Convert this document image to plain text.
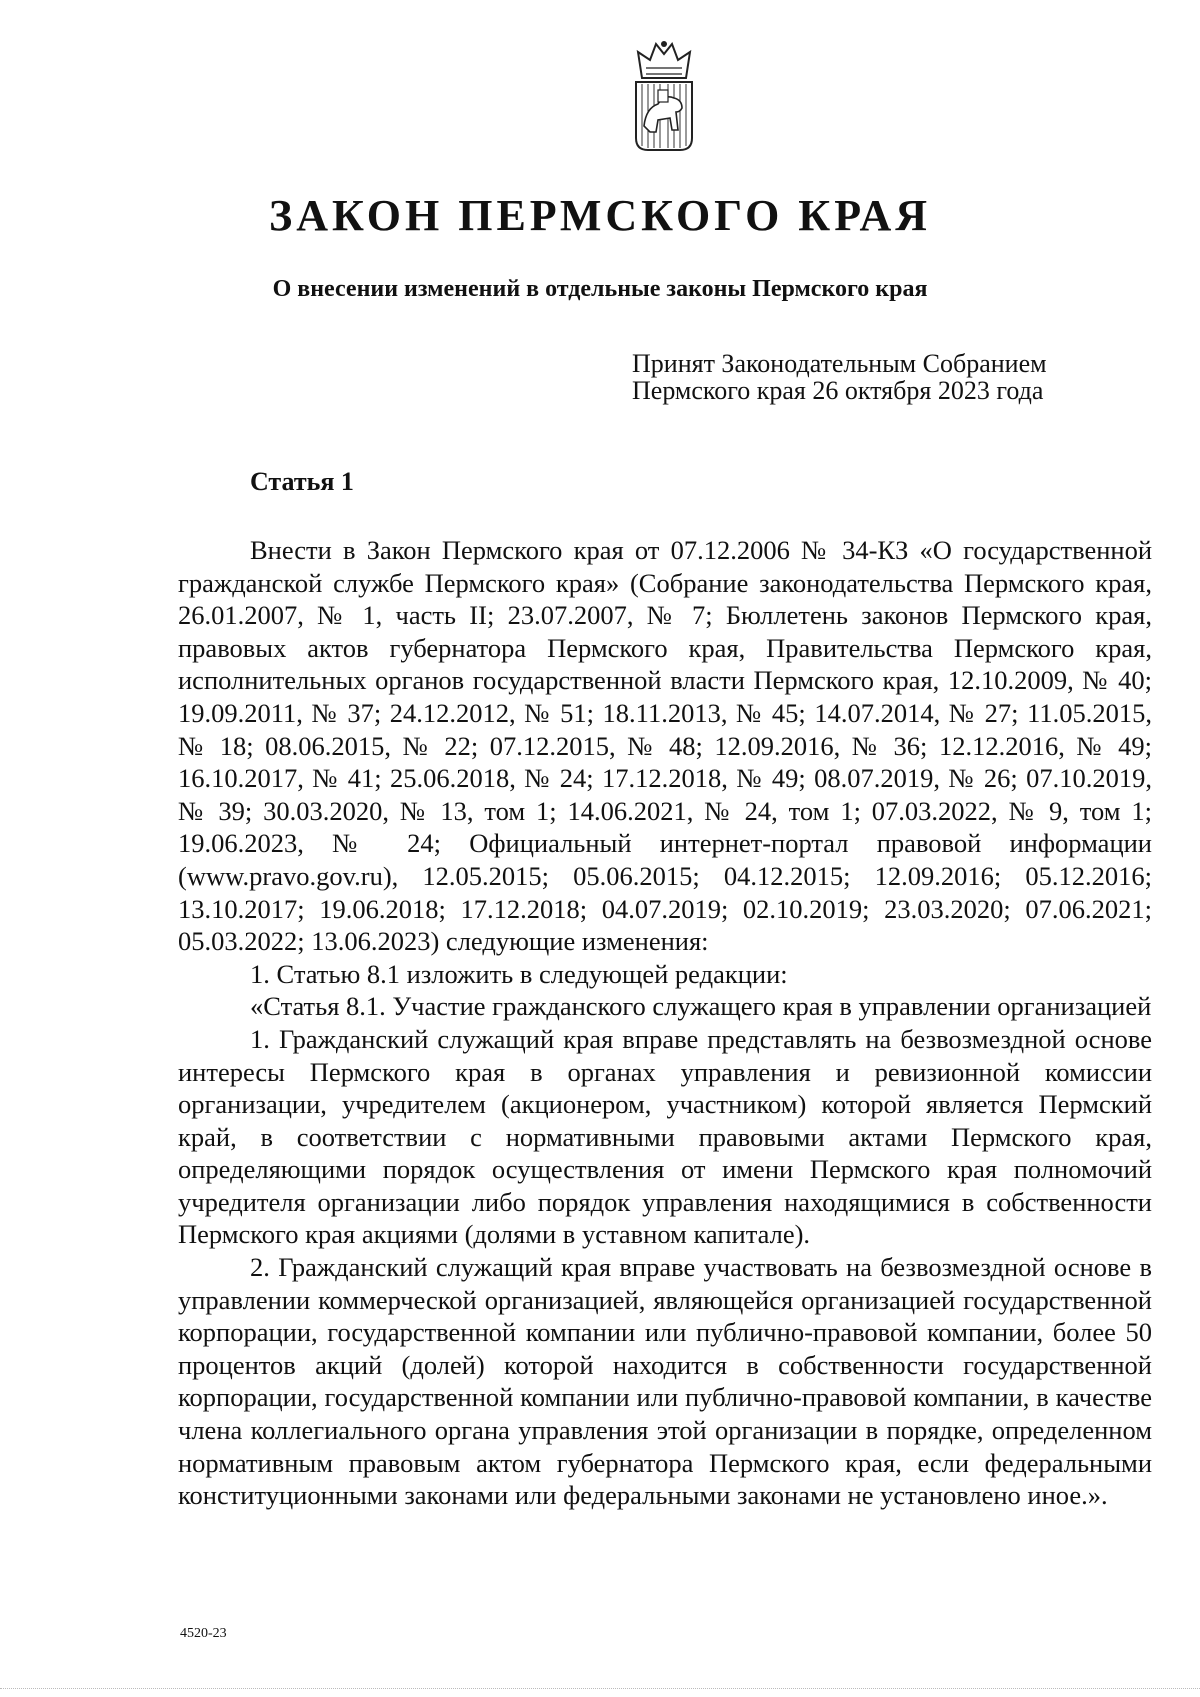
ЗАКОН ПЕРМСКОГО КРАЯ
О внесении изменений в отдельные законы Пермского края
Принят Законодательным Собранием
Пермского края 26 октября 2023 года
Статья 1

Внести в Закон Пермского края от 07.12.2006 № 34-КЗ «О государственной гражданской службе Пермского края» (Собрание законодательства Пермского края, 26.01.2007, № 1, часть II; 23.07.2007, № 7; Бюллетень законов Пермского края, правовых актов губернатора Пермского края, Правительства Пермского края, исполнительных органов государственной власти Пермского края, 12.10.2009, № 40; 19.09.2011, № 37; 24.12.2012, № 51; 18.11.2013, № 45; 14.07.2014, № 27; 11.05.2015, № 18; 08.06.2015, № 22; 07.12.2015, № 48; 12.09.2016, № 36; 12.12.2016, № 49; 16.10.2017, № 41; 25.06.2018, № 24; 17.12.2018, № 49; 08.07.2019, № 26; 07.10.2019, № 39; 30.03.2020, № 13, том 1; 14.06.2021, № 24, том 1; 07.03.2022, № 9, том 1; 19.06.2023, № 24; Официальный интернет-портал правовой информации (www.pravo.gov.ru), 12.05.2015; 05.06.2015; 04.12.2015; 12.09.2016; 05.12.2016; 13.10.2017; 19.06.2018; 17.12.2018; 04.07.2019; 02.10.2019; 23.03.2020; 07.06.2021; 05.03.2022; 13.06.2023) следующие изменения:

1. Статью 8.1 изложить в следующей редакции:

«Статья 8.1. Участие гражданского служащего края в управлении организацией

1. Гражданский служащий края вправе представлять на безвозмездной основе интересы Пермского края в органах управления и ревизионной комиссии организации, учредителем (акционером, участником) которой является Пермский край, в соответствии с нормативными правовыми актами Пермского края, определяющими порядок осуществления от имени Пермского края полномочий учредителя организации либо порядок управления находящимися в собственности Пермского края акциями (долями в уставном капитале).

2. Гражданский служащий края вправе участвовать на безвозмездной основе в управлении коммерческой организацией, являющейся организацией государственной корпорации, государственной компании или публично-правовой компании, более 50 процентов акций (долей) которой находится в собственности государственной корпорации, государственной компании или публично-правовой компании, в качестве члена коллегиального органа управления этой организации в порядке, определенном нормативным правовым актом губернатора Пермского края, если федеральными конституционными законами или федеральными законами не установлено иное.».

4520-23
